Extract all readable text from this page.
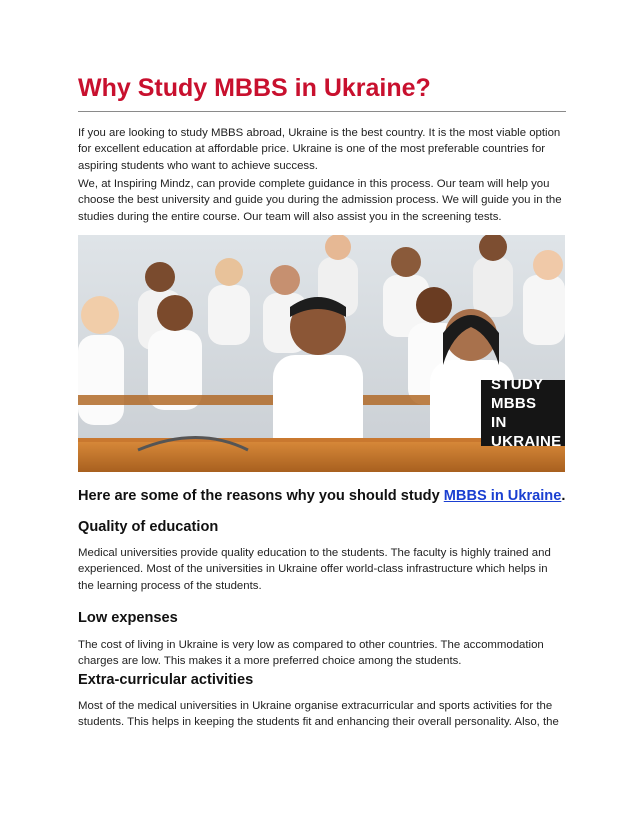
Why Study MBBS in Ukraine?

If you are looking to study MBBS abroad, Ukraine is the best country. It is the most viable option for excellent education at affordable price. Ukraine is one of the most preferable countries for aspiring students who want to achieve success.

We, at Inspiring Mindz, can provide complete guidance in this process. Our team will help you choose the best university and guide you during the admission process. We will guide you in the studies during the entire course. Our team will also assist you in the screening tests.

STUDY MBBS
IN UKRAINE
Here are some of the reasons why you should study MBBS in Ukraine.
Quality of education

Medical universities provide quality education to the students. The faculty is highly trained and experienced. Most of the universities in Ukraine offer world-class infrastructure which helps in the learning process of the students.

Low expenses

The cost of living in Ukraine is very low as compared to other countries. The accommodation charges are low. This makes it a more preferred choice among the students.

Extra-curricular activities

Most of the medical universities in Ukraine organise extracurricular and sports activities for the students. This helps in keeping the students fit and enhancing their overall personality. Also, the
